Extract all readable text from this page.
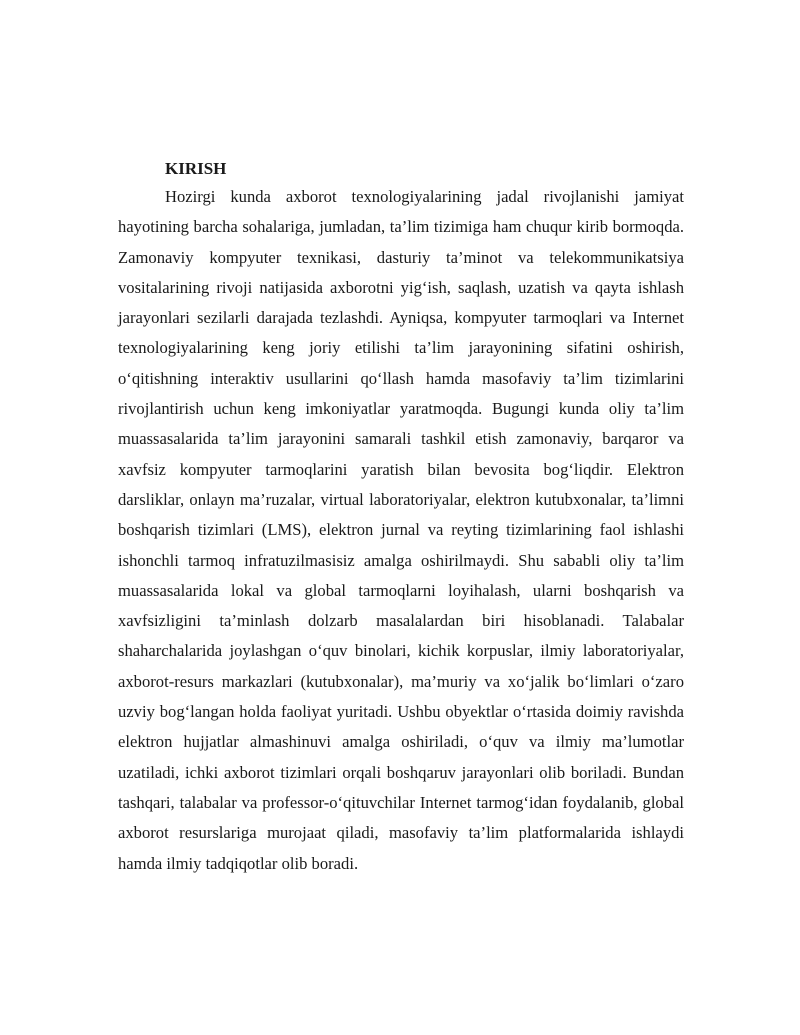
KIRISH

Hozirgi kunda axborot texnologiyalarining jadal rivojlanishi jamiyat hayotining barcha sohalariga, jumladan, ta’lim tizimiga ham chuqur kirib bormoqda. Zamonaviy kompyuter texnikasi, dasturiy ta’minot va telekommunikatsiya vositalarining rivoji natijasida axborotni yig‘ish, saqlash, uzatish va qayta ishlash jarayonlari sezilarli darajada tezlashdi. Ayniqsa, kompyuter tarmoqlari va Internet texnologiyalarining keng joriy etilishi ta’lim jarayonining sifatini oshirish, o‘qitishning interaktiv usullarini qo‘llash hamda masofaviy ta’lim tizimlarini rivojlantirish uchun keng imkoniyatlar yaratmoqda. Bugungi kunda oliy ta’lim muassasalarida ta’lim jarayonini samarali tashkil etish zamonaviy, barqaror va xavfsiz kompyuter tarmoqlarini yaratish bilan bevosita bog‘liqdir. Elektron darsliklar, onlayn ma’ruzalar, virtual laboratoriyalar, elektron kutubxonalar, ta’limni boshqarish tizimlari (LMS), elektron jurnal va reyting tizimlarining faol ishlashi ishonchli tarmoq infratuzilmasisiz amalga oshirilmaydi. Shu sababli oliy ta’lim muassasalarida lokal va global tarmoqlarni loyihalash, ularni boshqarish va xavfsizligini ta’minlash dolzarb masalalardan biri hisoblanadi. Talabalar shaharchalarida joylashgan o‘quv binolari, kichik korpuslar, ilmiy laboratoriyalar, axborot-resurs markazlari (kutubxonalar), ma’muriy va xo‘jalik bo‘limlari o‘zaro uzviy bog‘langan holda faoliyat yuritadi. Ushbu obyektlar o‘rtasida doimiy ravishda elektron hujjatlar almashinuvi amalga oshiriladi, o‘quv va ilmiy ma’lumotlar uzatiladi, ichki axborot tizimlari orqali boshqaruv jarayonlari olib boriladi. Bundan tashqari, talabalar va professor-o‘qituvchilar Internet tarmog‘idan foydalanib, global axborot resurslariga murojaat qiladi, masofaviy ta’lim platformalarida ishlaydi hamda ilmiy tadqiqotlar olib boradi.
